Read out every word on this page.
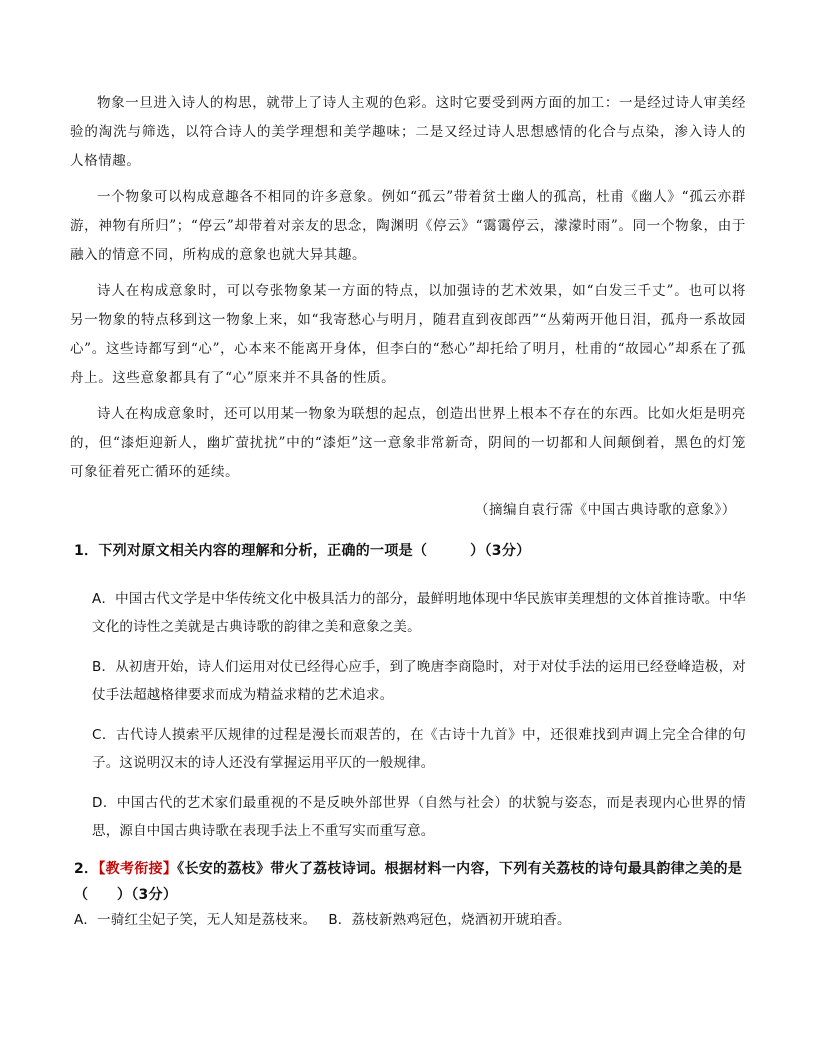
物象一旦进入诗人的构思，就带上了诗人主观的色彩。这时它要受到两方面的加工：一是经过诗人审美经验的淘洗与筛选，以符合诗人的美学理想和美学趣味；二是又经过诗人思想感情的化合与点染，渗入诗人的人格情趣。

一个物象可以构成意趣各不相同的许多意象。例如“孤云”带着贫士幽人的孤高，杜甫《幽人》“孤云亦群游，神物有所归”；“停云”却带着对亲友的思念，陶渊明《停云》“霭霭停云，濛濛时雨”。同一个物象，由于融入的情意不同，所构成的意象也就大异其趣。

诗人在构成意象时，可以夸张物象某一方面的特点，以加强诗的艺术效果，如“白发三千丈”。也可以将另一物象的特点移到这一物象上来，如“我寄愁心与明月，随君直到夜郎西”“丛菊两开他日泪，孤舟一系故园心”。这些诗都写到“心”，心本来不能离开身体，但李白的“愁心”却托给了明月，杜甫的“故园心”却系在了孤舟上。这些意象都具有了“心”原来并不具备的性质。

诗人在构成意象时，还可以用某一物象为联想的起点，创造出世界上根本不存在的东西。比如火炬是明亮的，但“漆炬迎新人，幽圹萤扰扰”中的“漆炬”这一意象非常新奇，阴间的一切都和人间颠倒着，黑色的灯笼可象征着死亡循环的延续。

（摘编自袁行霈《中国古典诗歌的意象》）
1．下列对原文相关内容的理解和分析，正确的一项是（　　　）（3分）
A．中国古代文学是中华传统文化中极具活力的部分，最鲜明地体现中华民族审美理想的文体首推诗歌。中华文化的诗性之美就是古典诗歌的韵律之美和意象之美。
B．从初唐开始，诗人们运用对仗已经得心应手，到了晚唐李商隐时，对于对仗手法的运用已经登峰造极，对仗手法超越格律要求而成为精益求精的艺术追求。
C．古代诗人摸索平仄规律的过程是漫长而艰苦的，在《古诗十九首》中，还很难找到声调上完全合律的句子。这说明汉末的诗人还没有掌握运用平仄的一般规律。
D．中国古代的艺术家们最重视的不是反映外部世界（自然与社会）的状貌与姿态，而是表现内心世界的情思，源自中国古典诗歌在表现手法上不重写实而重写意。
2．【教考衔接】《长安的荔枝》带火了荔枝诗词。根据材料一内容，下列有关荔枝的诗句最具韵律之美的是（　　）（3分）
A．一骑红尘妃子笑，无人知是荔枝来。 B．荔枝新熟鸡冠色，烧酒初开琥珀香。
